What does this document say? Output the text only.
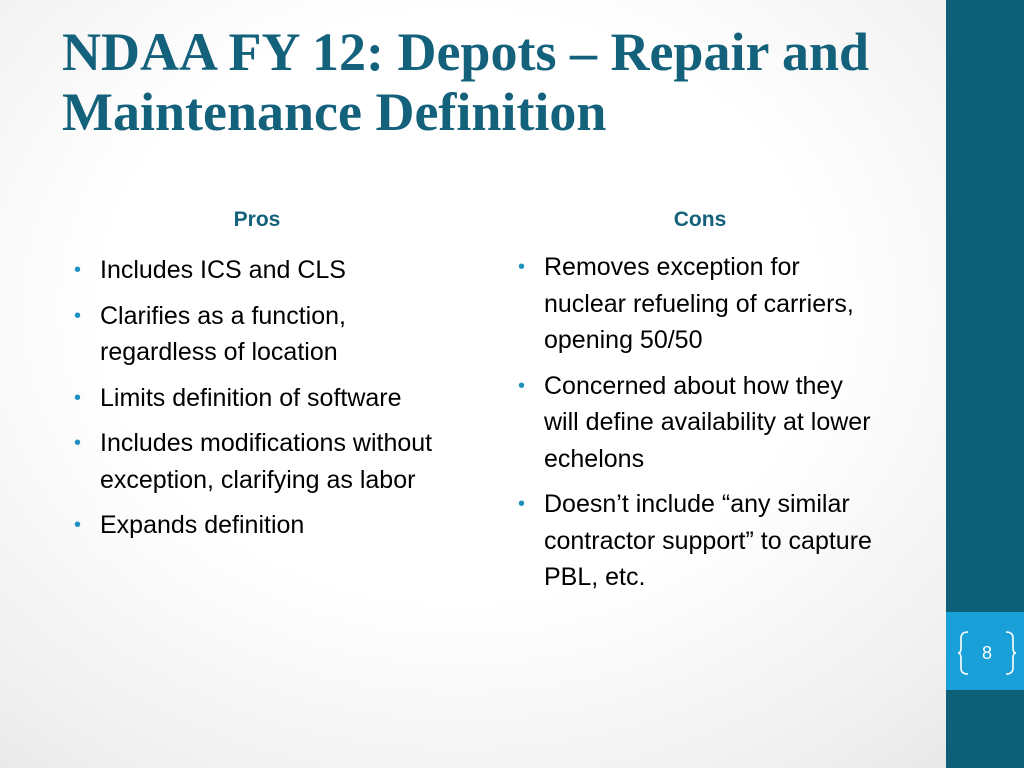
8
NDAA FY 12: Depots – Repair and Maintenance Definition
Pros	Cons
• Includes ICS and CLS
• Clarifies as a function, regardless of location
• Limits definition of software
• Includes modifications without exception, clarifying as labor
• Expands definition
• Removes exception for nuclear refueling of carriers, opening 50/50
• Concerned about how they will define availability at lower echelons
• Doesn’t include “any similar contractor support” to capture PBL, etc.
